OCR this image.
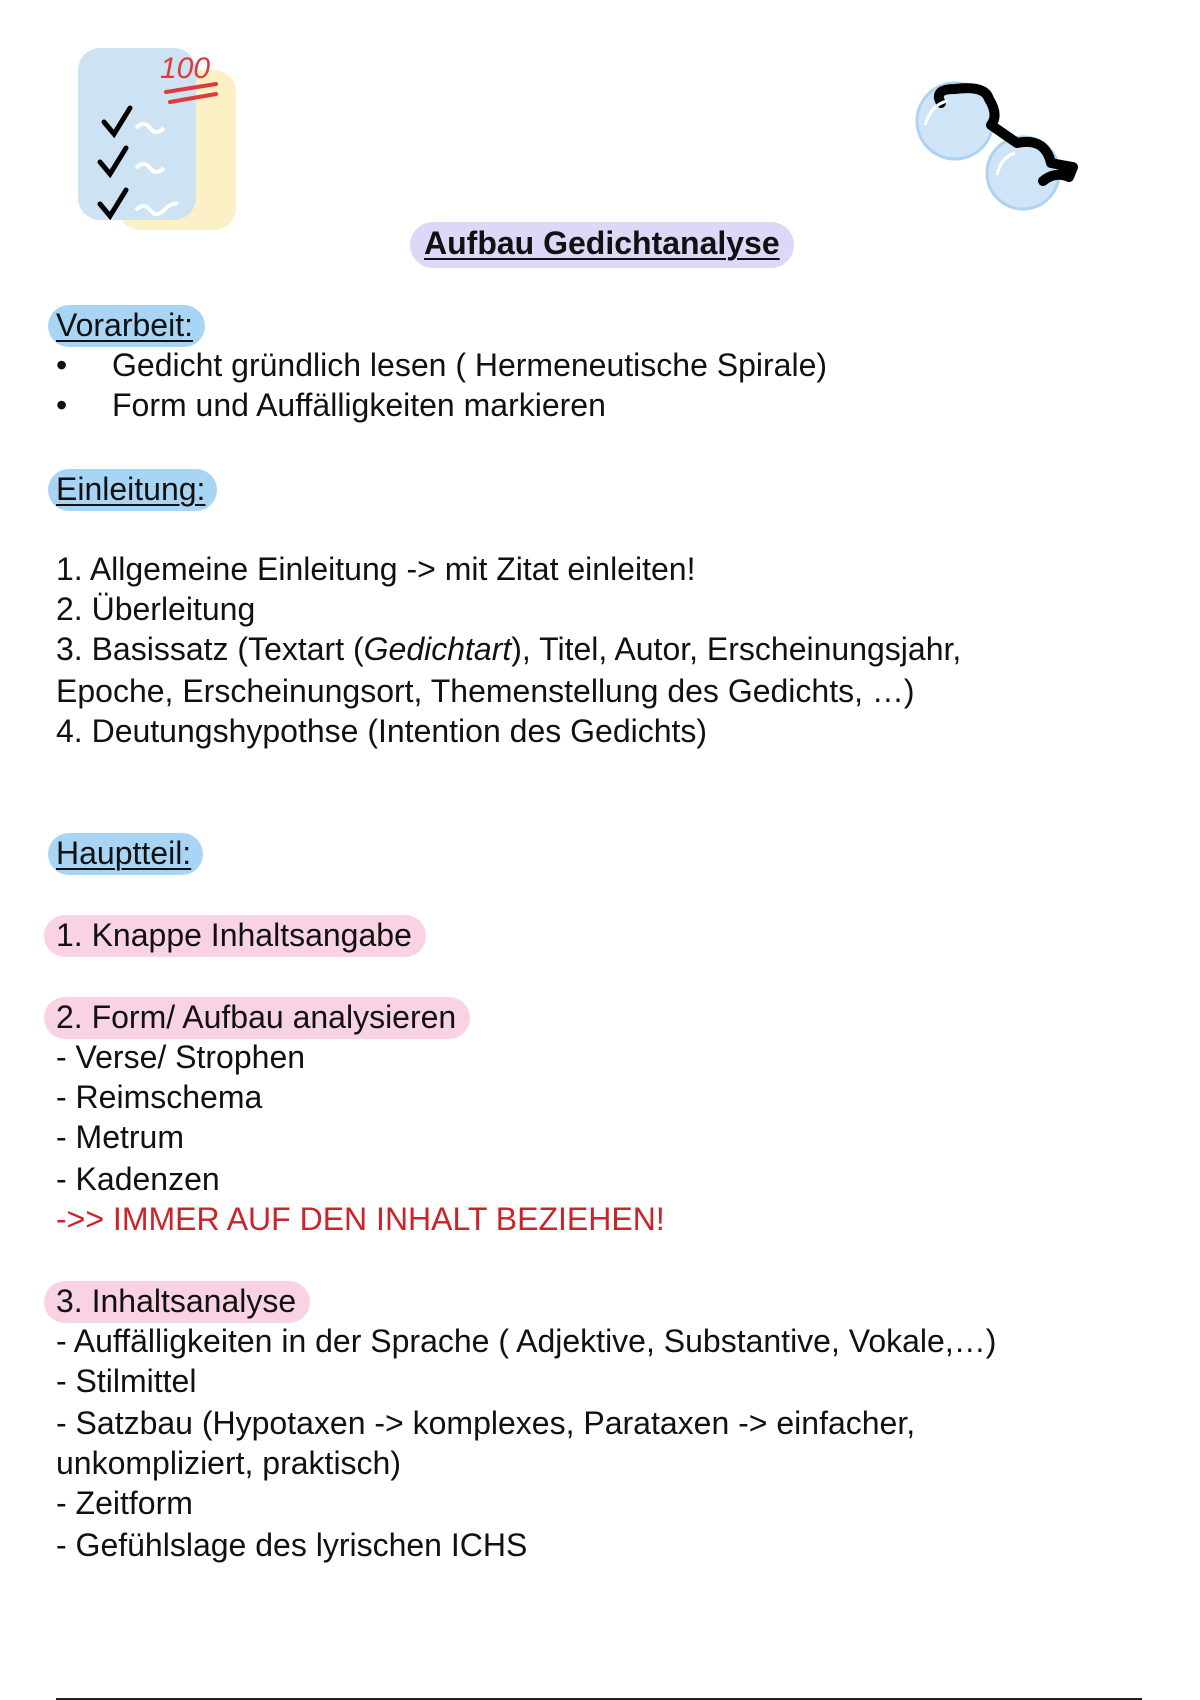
100
Aufbau Gedichtanalyse
Vorarbeit:
• Gedicht gründlich lesen ( Hermeneutische Spirale)
• Form und Auffälligkeiten markieren
Einleitung:
1. Allgemeine Einleitung -> mit Zitat einleiten!
2. Überleitung
3. Basissatz (Textart (Gedichtart), Titel, Autor, Erscheinungsjahr,
Epoche, Erscheinungsort, Themenstellung des Gedichts, …)
4. Deutungshypothse (Intention des Gedichts)
Hauptteil:
1. Knappe Inhaltsangabe
2. Form/ Aufbau analysieren
- Verse/ Strophen
- Reimschema
- Metrum
- Kadenzen
->> IMMER AUF DEN INHALT BEZIEHEN!
3. Inhaltsanalyse
- Auffälligkeiten in der Sprache ( Adjektive, Substantive, Vokale,…)
- Stilmittel
- Satzbau (Hypotaxen -> komplexes, Parataxen -> einfacher,
unkompliziert, praktisch)
- Zeitform
- Gefühlslage des lyrischen ICHS
